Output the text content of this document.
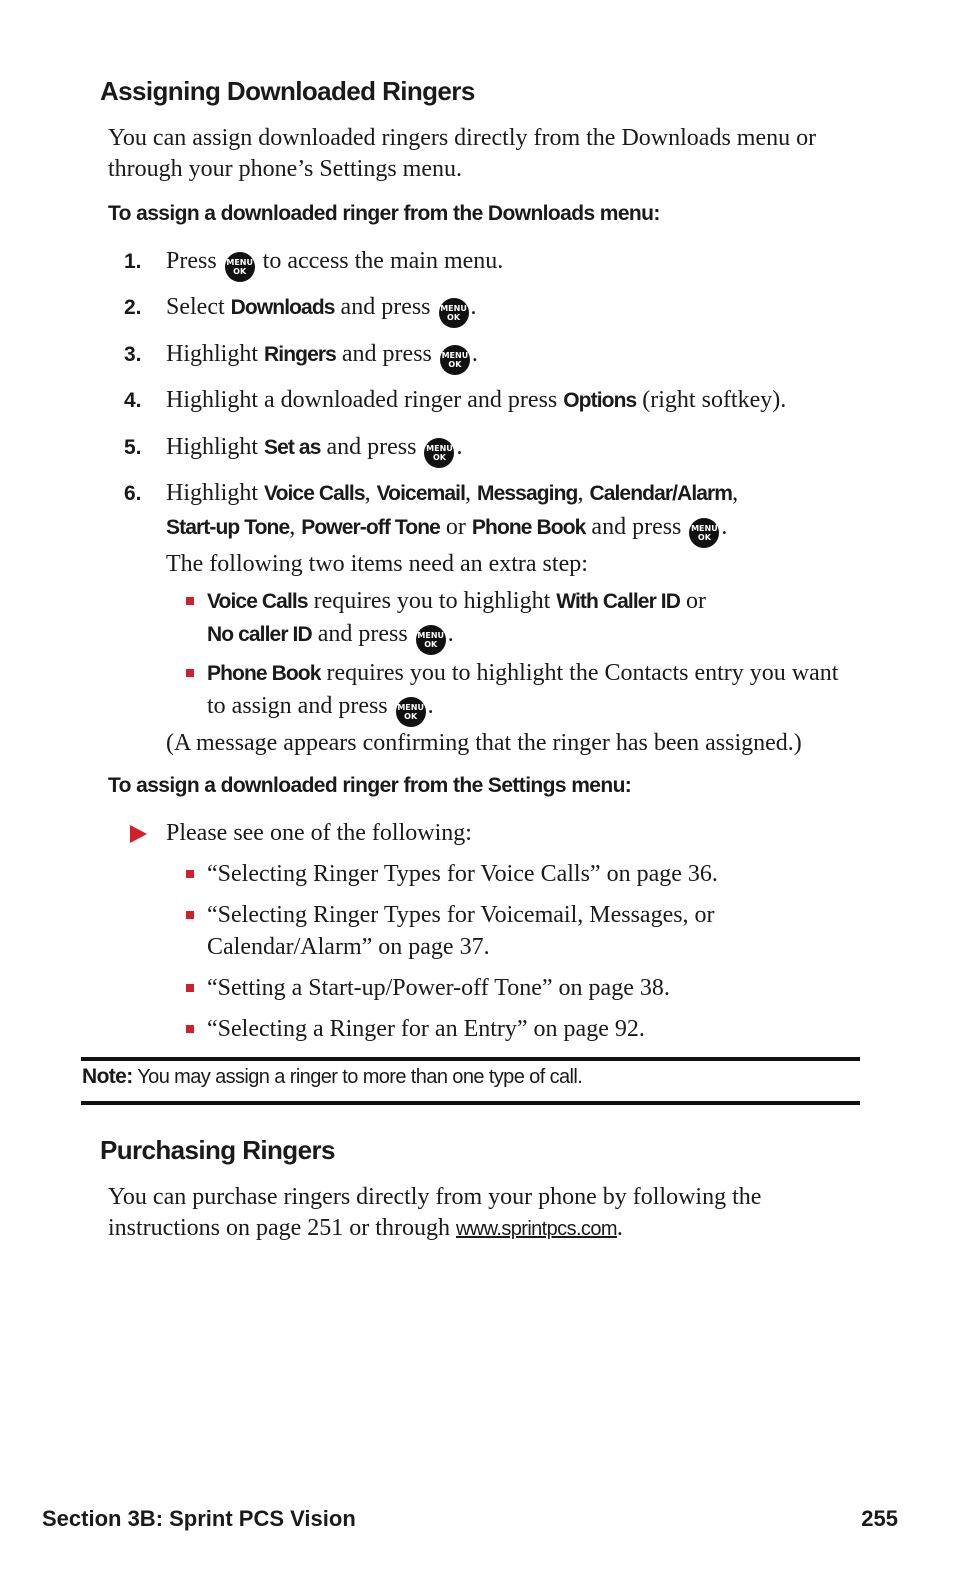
Assigning Downloaded Ringers
You can assign downloaded ringers directly from the Downloads menu or through your phone’s Settings menu.
To assign a downloaded ringer from the Downloads menu:
1. Press MENU
OK to access the main menu.
2. Select Downloads and press MENU
OK .
3. Highlight Ringers and press MENU
OK .
4. Highlight a downloaded ringer and press Options (right softkey).
5. Highlight Set as and press MENU
OK .
6. Highlight Voice Calls, Voicemail, Messaging, Calendar/Alarm,
Start-up Tone, Power-off Tone or Phone Book and press MENU
OK .
The following two items need an extra step:
Voice Calls requires you to highlight With Caller ID or
No caller ID and press MENU
OK .
Phone Book requires you to highlight the Contacts entry you want to assign and press MENU
OK .
(A message appears confirming that the ringer has been assigned.)
To assign a downloaded ringer from the Settings menu:
Please see one of the following:
“Selecting Ringer Types for Voice Calls” on page 36.
“Selecting Ringer Types for Voicemail, Messages, or Calendar/Alarm” on page 37.
“Setting a Start-up/Power-off Tone” on page 38.
“Selecting a Ringer for an Entry” on page 92.
Note: You may assign a ringer to more than one type of call.
Purchasing Ringers
You can purchase ringers directly from your phone by following the instructions on page 251 or through www.sprintpcs.com.
Section 3B: Sprint PCS Vision	255
